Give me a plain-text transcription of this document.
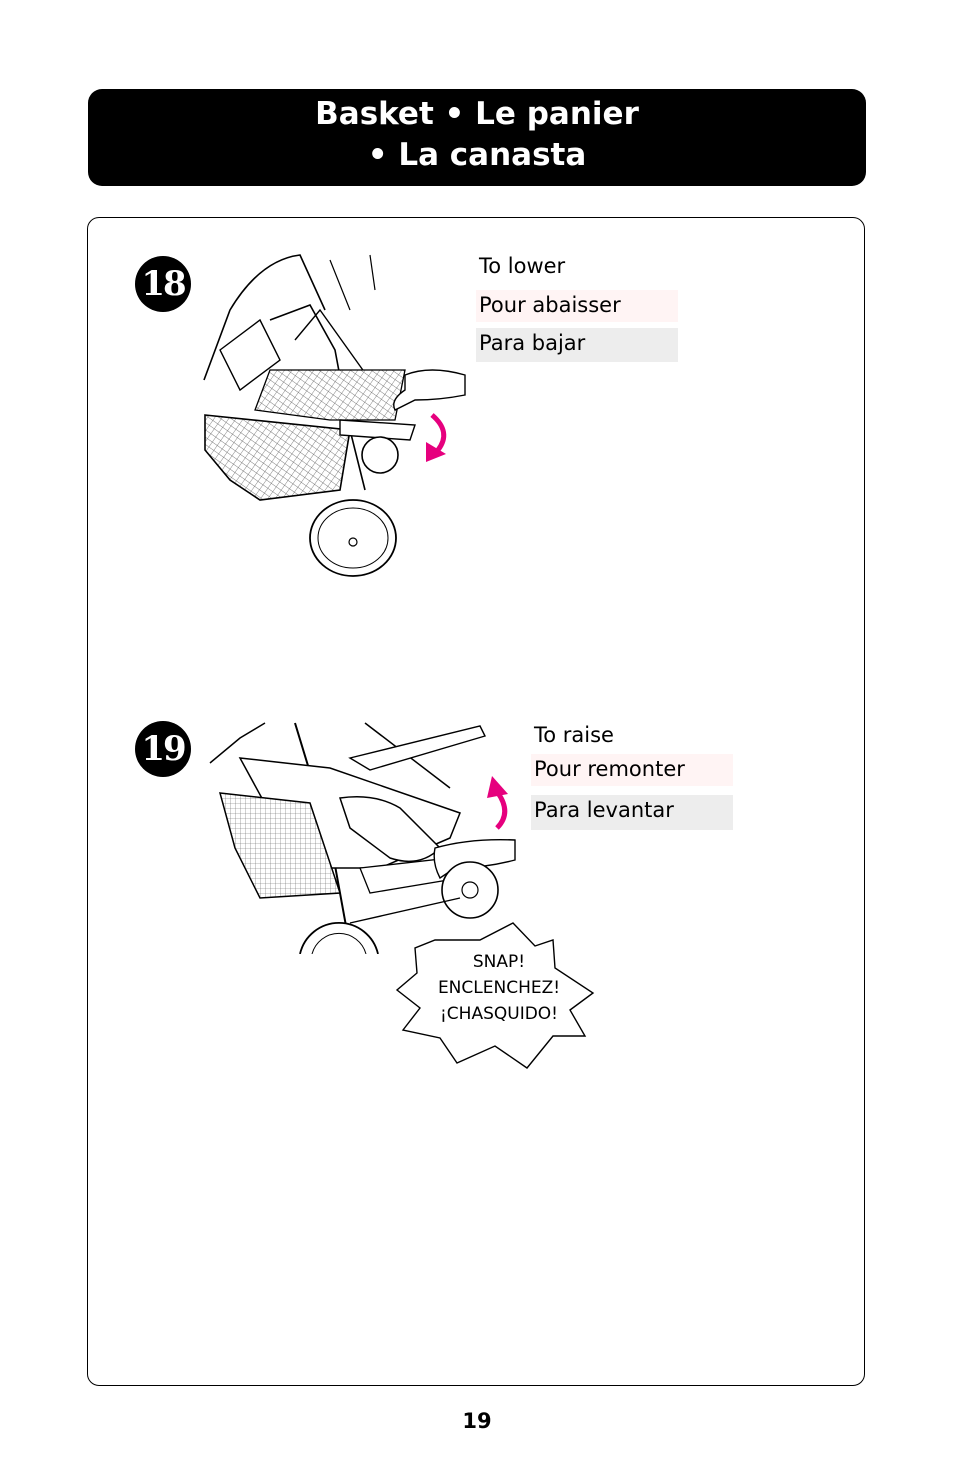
Basket • Le panier
• La canasta
18	To lower
Pour abaisser
Para bajar
19	To raise
Pour remonter
Para levantar
SNAP!
ENCLENCHEZ!
¡CHASQUIDO!
19
